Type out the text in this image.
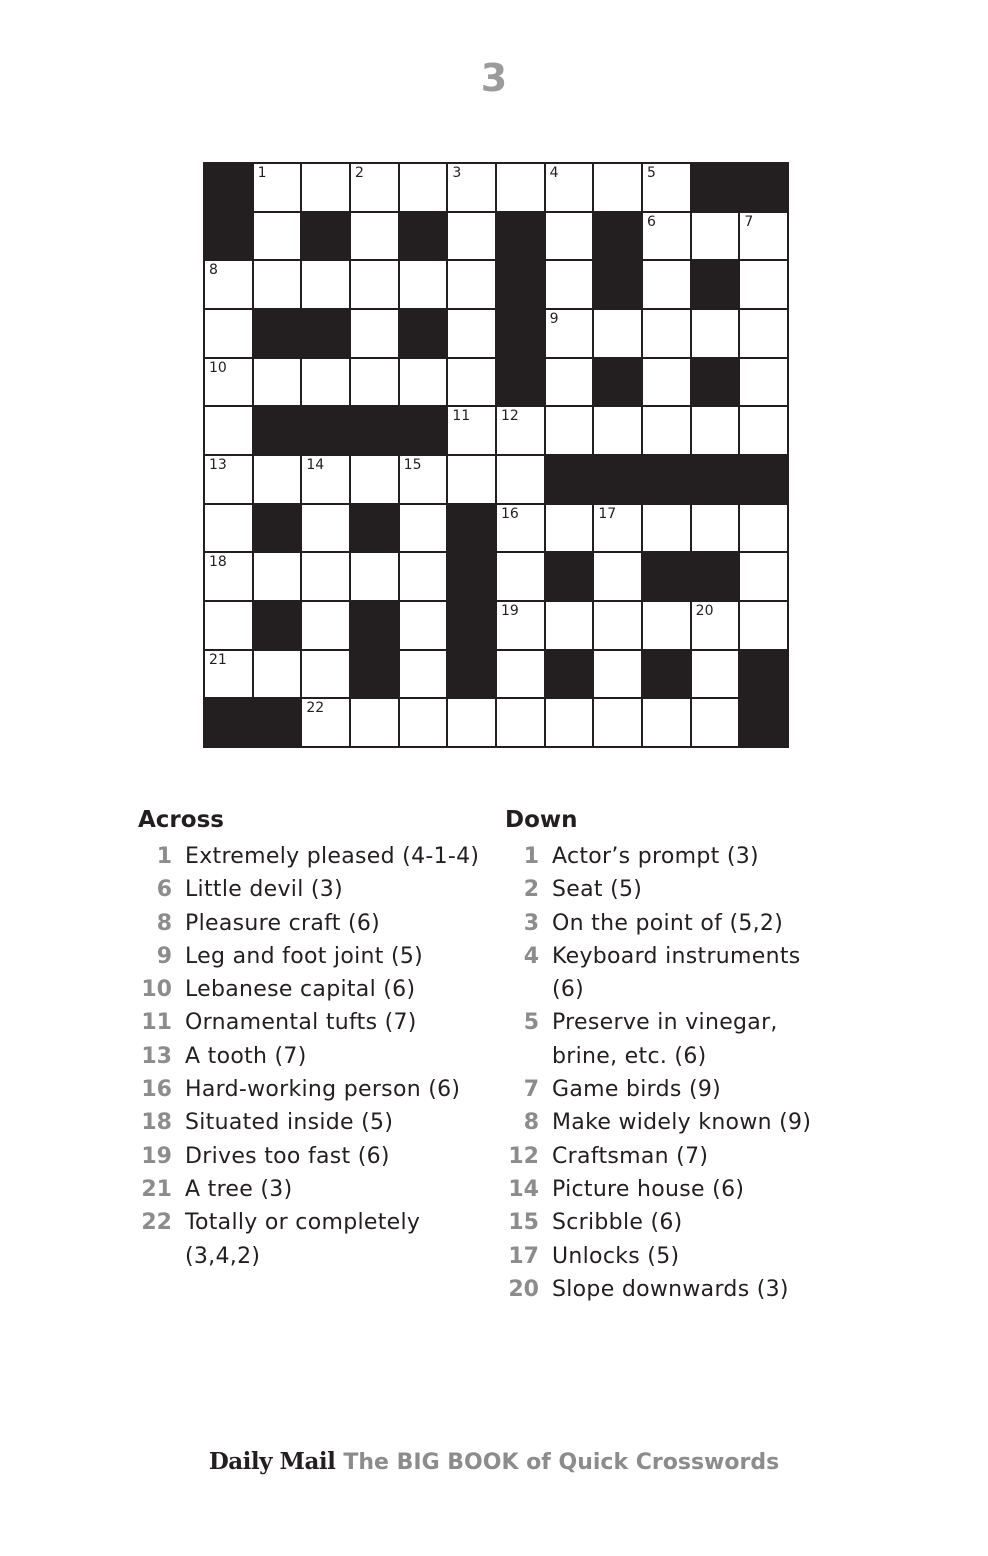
3
1	2	3	4	5
6	7
8
9
10
11 12
13	14	15
16	17
18
19	20
21
22
Across
1 Extremely pleased (4-1-4)
6 Little devil (3)
8 Pleasure craft (6)
9 Leg and foot joint (5)
10 Lebanese capital (6)
11 Ornamental tufts (7)
13 A tooth (7)
16 Hard-working person (6)
18 Situated inside (5)
19 Drives too fast (6)
21 A tree (3)
22 Totally or completely (3,4,2)
Down
1 Actor’s prompt (3)
2 Seat (5)
3 On the point of (5,2)
4 Keyboard instruments (6)
5 Preserve in vinegar, brine, etc. (6)
7 Game birds (9)
8 Make widely known (9)
12 Craftsman (7)
14 Picture house (6)
15 Scribble (6)
17 Unlocks (5)
20 Slope downwards (3)
Daily Mail The BIG BOOK of Quick Crosswords
